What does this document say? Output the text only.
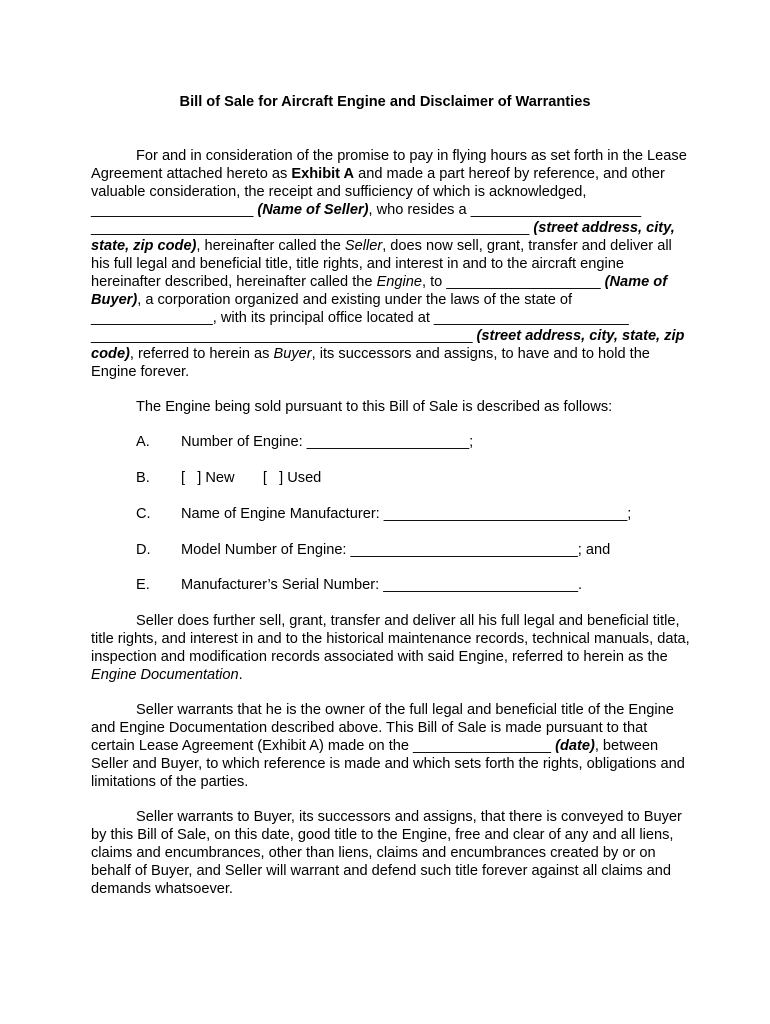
Bill of Sale for Aircraft Engine and Disclaimer of Warranties
For and in consideration of the promise to pay in flying hours as set forth in the Lease Agreement attached hereto as Exhibit A and made a part hereof by reference, and other valuable consideration, the receipt and sufficiency of which is acknowledged, ____________________ (Name of Seller), who resides a _____________________ ______________________________________________________ (street address, city, state, zip code), hereinafter called the Seller, does now sell, grant, transfer and deliver all his full legal and beneficial title, title rights, and interest in and to the aircraft engine hereinafter described, hereinafter called the Engine, to ___________________ (Name of Buyer), a corporation organized and existing under the laws of the state of _______________, with its principal office located at ________________________ _______________________________________________ (street address, city, state, zip code), referred to herein as Buyer, its successors and assigns, to have and to hold the Engine forever.
The Engine being sold pursuant to this Bill of Sale is described as follows:
A. Number of Engine: ____________________;
B. [   ] New       [   ] Used
C. Name of Engine Manufacturer: ______________________________;
D. Model Number of Engine: ____________________________; and
E. Manufacturer’s Serial Number: ________________________.
Seller does further sell, grant, transfer and deliver all his full legal and beneficial title, title rights, and interest in and to the historical maintenance records, technical manuals, data, inspection and modification records associated with said Engine, referred to herein as the Engine Documentation.
Seller warrants that he is the owner of the full legal and beneficial title of the Engine and Engine Documentation described above. This Bill of Sale is made pursuant to that certain Lease Agreement (Exhibit A) made on the _________________ (date), between Seller and Buyer, to which reference is made and which sets forth the rights, obligations and limitations of the parties.
Seller warrants to Buyer, its successors and assigns, that there is conveyed to Buyer by this Bill of Sale, on this date, good title to the Engine, free and clear of any and all liens, claims and encumbrances, other than liens, claims and encumbrances created by or on behalf of Buyer, and Seller will warrant and defend such title forever against all claims and demands whatsoever.
